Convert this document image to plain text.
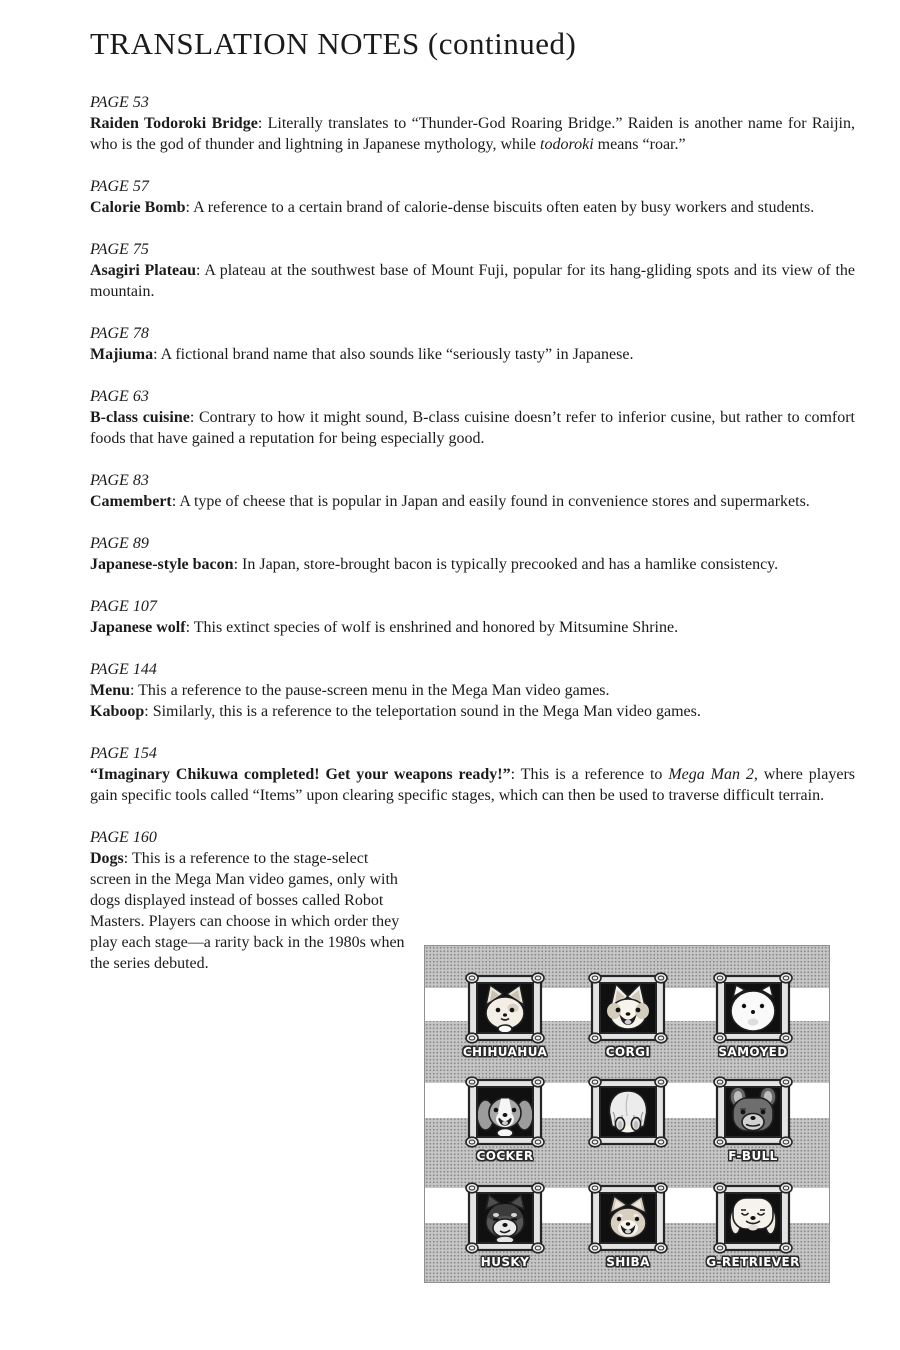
TRANSLATION NOTES (continued)
PAGE 53

Raiden Todoroki Bridge: Literally translates to “Thunder-God Roaring Bridge.” Raiden is another name for Raijin, who is the god of thunder and lightning in Japanese mythology, while todoroki means “roar.”

PAGE 57

Calorie Bomb: A reference to a certain brand of calorie-dense biscuits often eaten by busy workers and students.

PAGE 75

Asagiri Plateau: A plateau at the southwest base of Mount Fuji, popular for its hang-gliding spots and its view of the mountain.

PAGE 78

Majiuma: A fictional brand name that also sounds like “seriously tasty” in Japanese.

PAGE 63

B-class cuisine: Contrary to how it might sound, B-class cuisine doesn’t refer to inferior cusine, but rather to comfort foods that have gained a reputation for being especially good.

PAGE 83

Camembert: A type of cheese that is popular in Japan and easily found in convenience stores and supermarkets.

PAGE 89

Japanese-style bacon: In Japan, store-brought bacon is typically precooked and has a hamlike consistency.

PAGE 107

Japanese wolf: This extinct species of wolf is enshrined and honored by Mitsumine Shrine.

PAGE 144

Menu: This a reference to the pause-screen menu in the Mega Man video games.

Kaboop: Similarly, this is a reference to the teleportation sound in the Mega Man video games.

PAGE 154

“Imaginary Chikuwa completed! Get your weapons ready!”: This is a reference to Mega Man 2, where players gain specific tools called “Items” upon clearing specific stages, which can then be used to traverse difficult terrain.

PAGE 160

Dogs: This is a reference to the stage-select screen in the Mega Man video games, only with dogs displayed instead of bosses called Robot Masters. Players can choose in which order they play each stage—a rarity back in the 1980s when the series debuted.

CHIHUAHUA	CORGI	SAMOYED
COCKER	F-BULL
HUSKY	SHIBA	G-RETRIEVER
